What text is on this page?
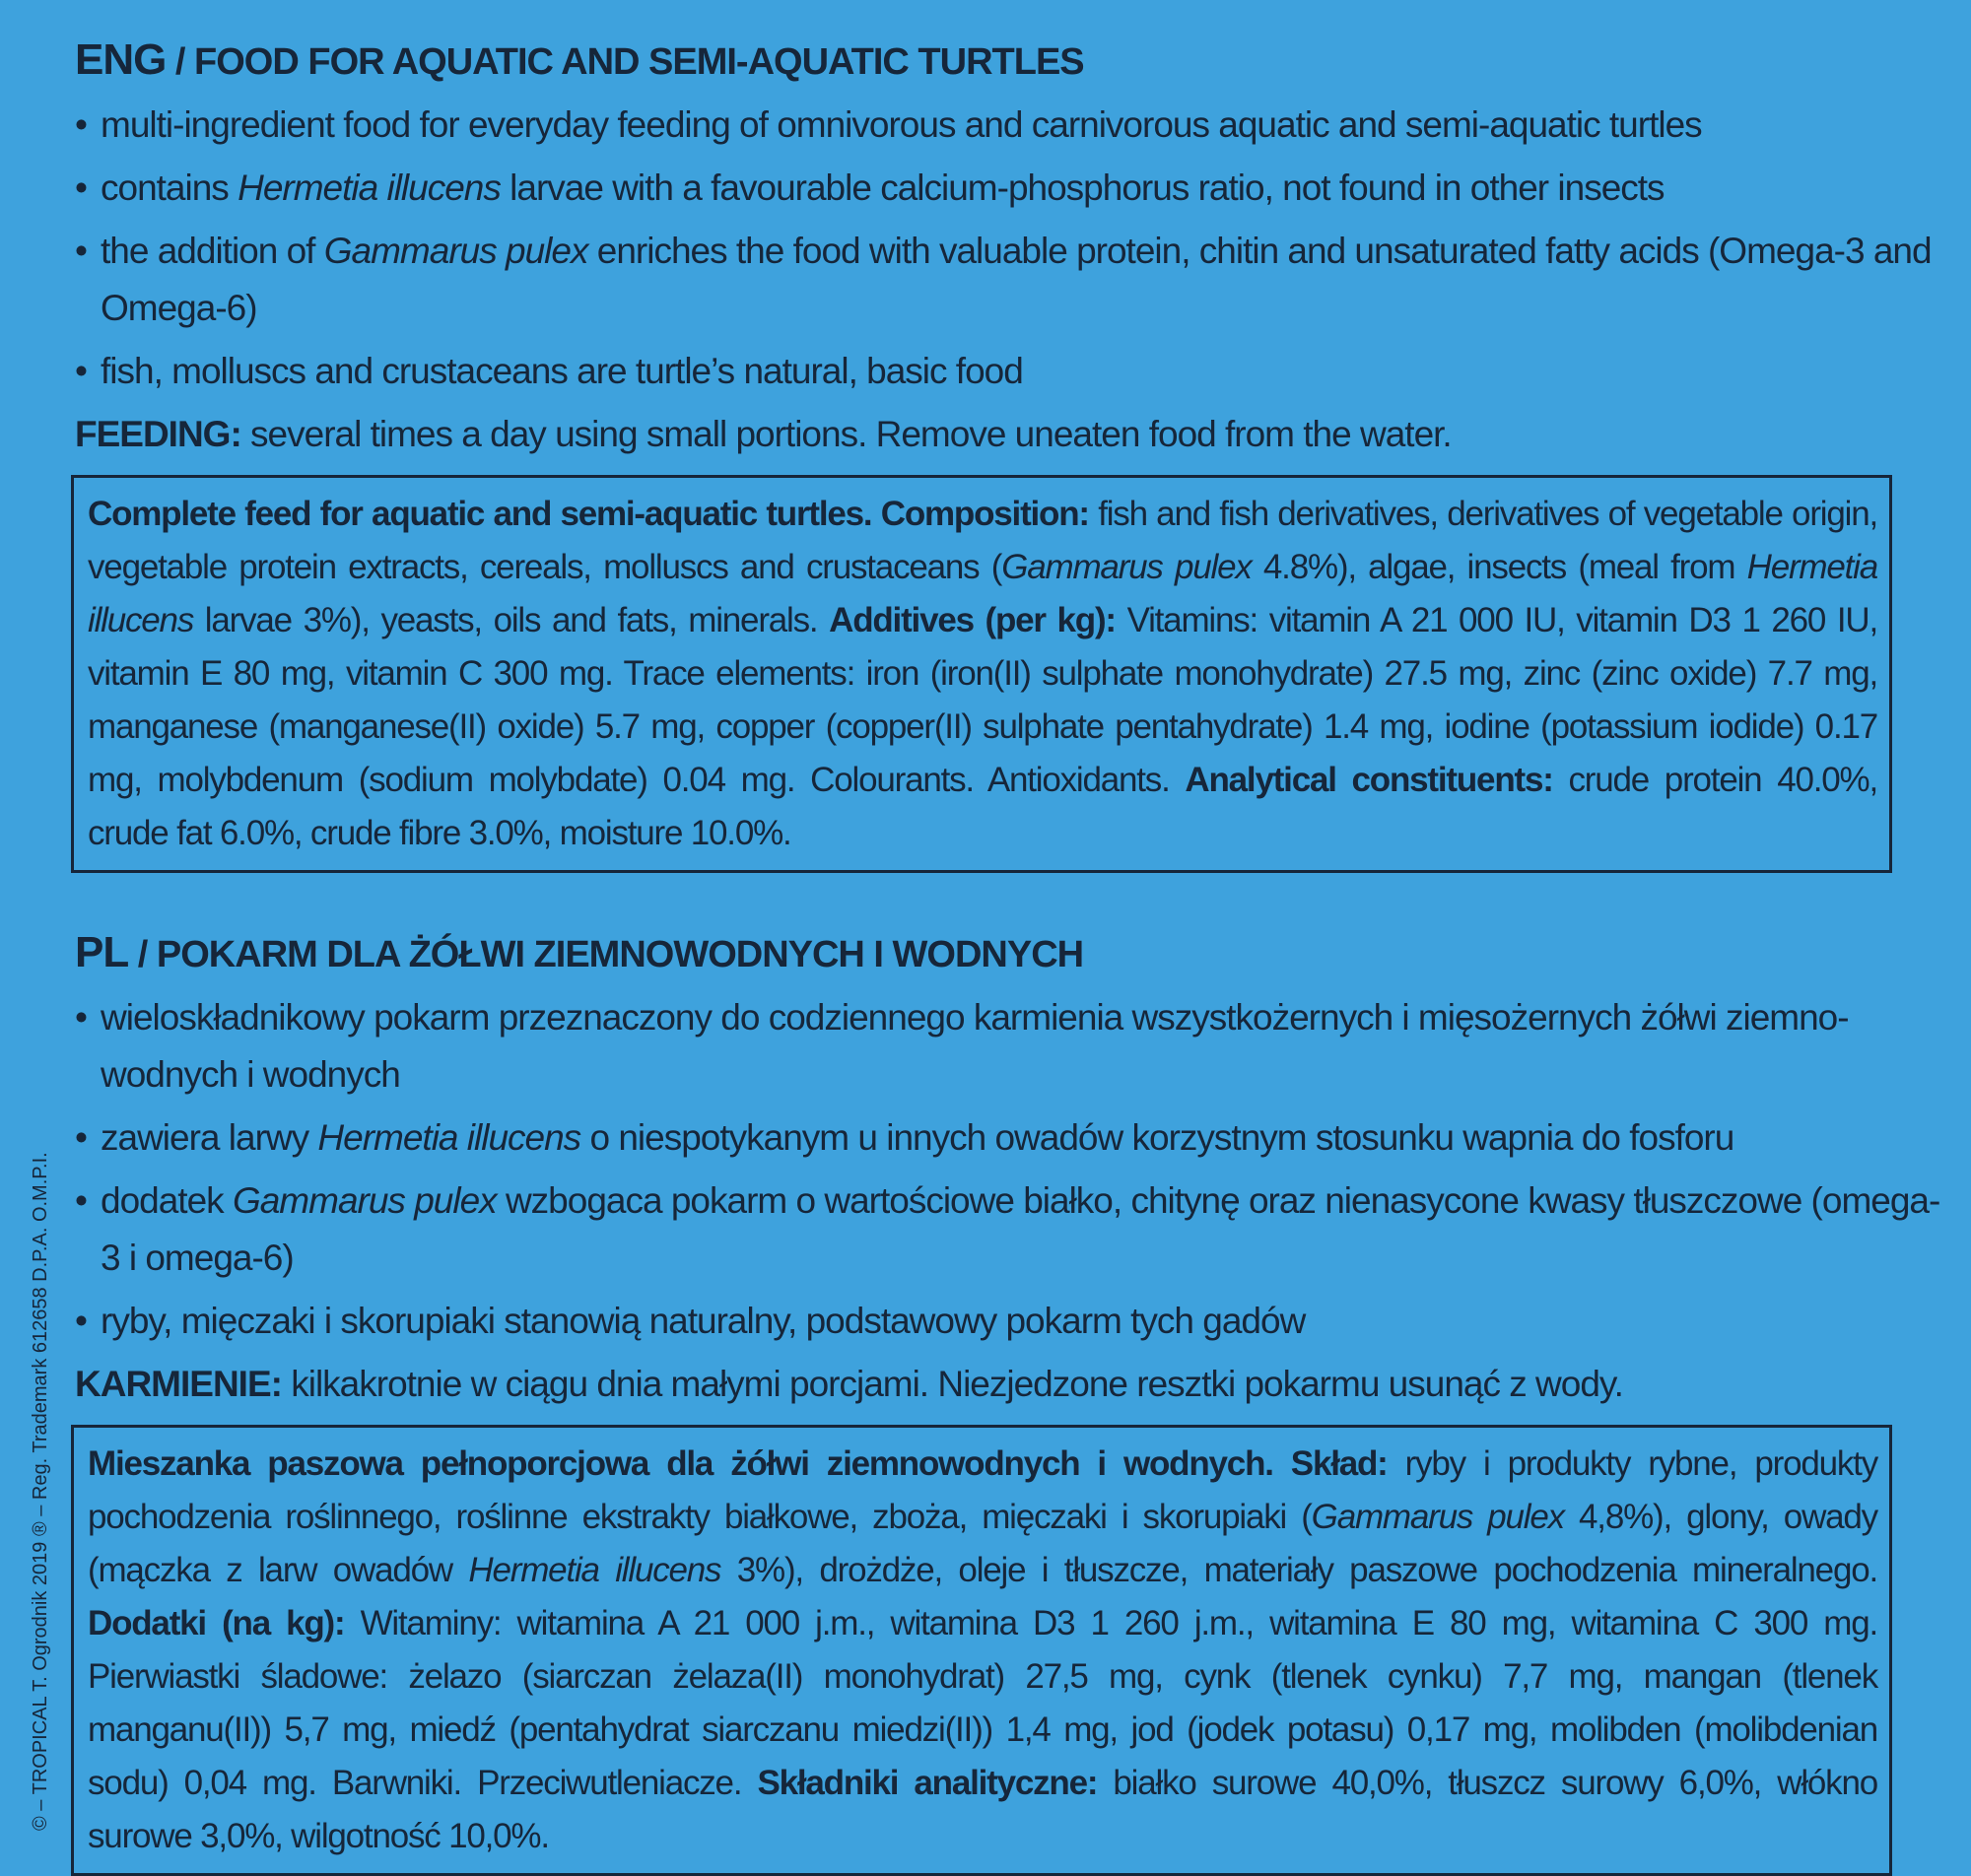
ENG / FOOD FOR AQUATIC AND SEMI-AQUATIC TURTLES
• multi-ingredient food for everyday feeding of omnivorous and carnivorous aquatic and semi-aquatic turtles
• contains Hermetia illucens larvae with a favourable calcium-phosphorus ratio, not found in other insects
• the addition of Gammarus pulex enriches the food with valuable protein, chitin and unsaturated fatty acids (Omega-3 and Omega-6)
• fish, molluscs and crustaceans are turtle’s natural, basic food
FEEDING: several times a day using small portions. Remove uneaten food from the water.
Complete feed for aquatic and semi-aquatic turtles. Composition: fish and fish derivatives, derivatives of vegetable origin, vegetable protein extracts, cereals, molluscs and crustaceans (Gammarus pulex 4.8%), algae, insects (meal from Hermetia illucens larvae 3%), yeasts, oils and fats, minerals. Additives (per kg): Vitamins: vitamin A 21 000 IU, vitamin D3 1 260 IU, vitamin E 80 mg, vitamin C 300 mg. Trace elements: iron (iron(II) sulphate monohydrate) 27.5 mg, zinc (zinc oxide) 7.7 mg, manganese (manganese(II) oxide) 5.7 mg, copper (copper(II) sulphate pentahydrate) 1.4 mg, iodine (potassium iodide) 0.17 mg, molybdenum (sodium molybdate) 0.04 mg. Colourants. Antioxidants. Analytical constituents: crude protein 40.0%, crude fat 6.0%, crude fibre 3.0%, moisture 10.0%.
PL / POKARM DLA ŻÓŁWI ZIEMNOWODNYCH I WODNYCH
• wieloskładnikowy pokarm przeznaczony do codziennego karmienia wszystkożernych i mięsożernych żółwi ziemno-wodnych i wodnych
• zawiera larwy Hermetia illucens o niespotykanym u innych owadów korzystnym stosunku wapnia do fosforu
• dodatek Gammarus pulex wzbogaca pokarm o wartościowe białko, chitynę oraz nienasycone kwasy tłuszczowe (omega-3 i omega-6)
• ryby, mięczaki i skorupiaki stanowią naturalny, podstawowy pokarm tych gadów
KARMIENIE: kilkakrotnie w ciągu dnia małymi porcjami. Niezjedzone resztki pokarmu usunąć z wody.
Mieszanka paszowa pełnoporcjowa dla żółwi ziemnowodnych i wodnych. Skład: ryby i produkty rybne, produkty pochodzenia roślinnego, roślinne ekstrakty białkowe, zboża, mięczaki i skorupiaki (Gammarus pulex 4,8%), glony, owady (mączka z larw owadów Hermetia illucens 3%), drożdże, oleje i tłuszcze, materiały paszowe pochodzenia mineralnego. Dodatki (na kg): Witaminy: witamina A 21 000 j.m., witamina D3 1 260 j.m., witamina E 80 mg, witamina C 300 mg. Pierwiastki śladowe: żelazo (siarczan żelaza(II) monohydrat) 27,5 mg, cynk (tlenek cynku) 7,7 mg, mangan (tlenek manganu(II)) 5,7 mg, miedź (pentahydrat siarczanu miedzi(II)) 1,4 mg, jod (jodek potasu) 0,17 mg, molibden (molibdenian sodu) 0,04 mg. Barwniki. Przeciwutleniacze. Składniki analityczne: białko surowe 40,0%, tłuszcz surowy 6,0%, włókno surowe 3,0%, wilgotność 10,0%.
© – TROPICAL T. Ogrodnik 2019 ® – Reg. Trademark 612658 D.P.A. O.M.P.I.
